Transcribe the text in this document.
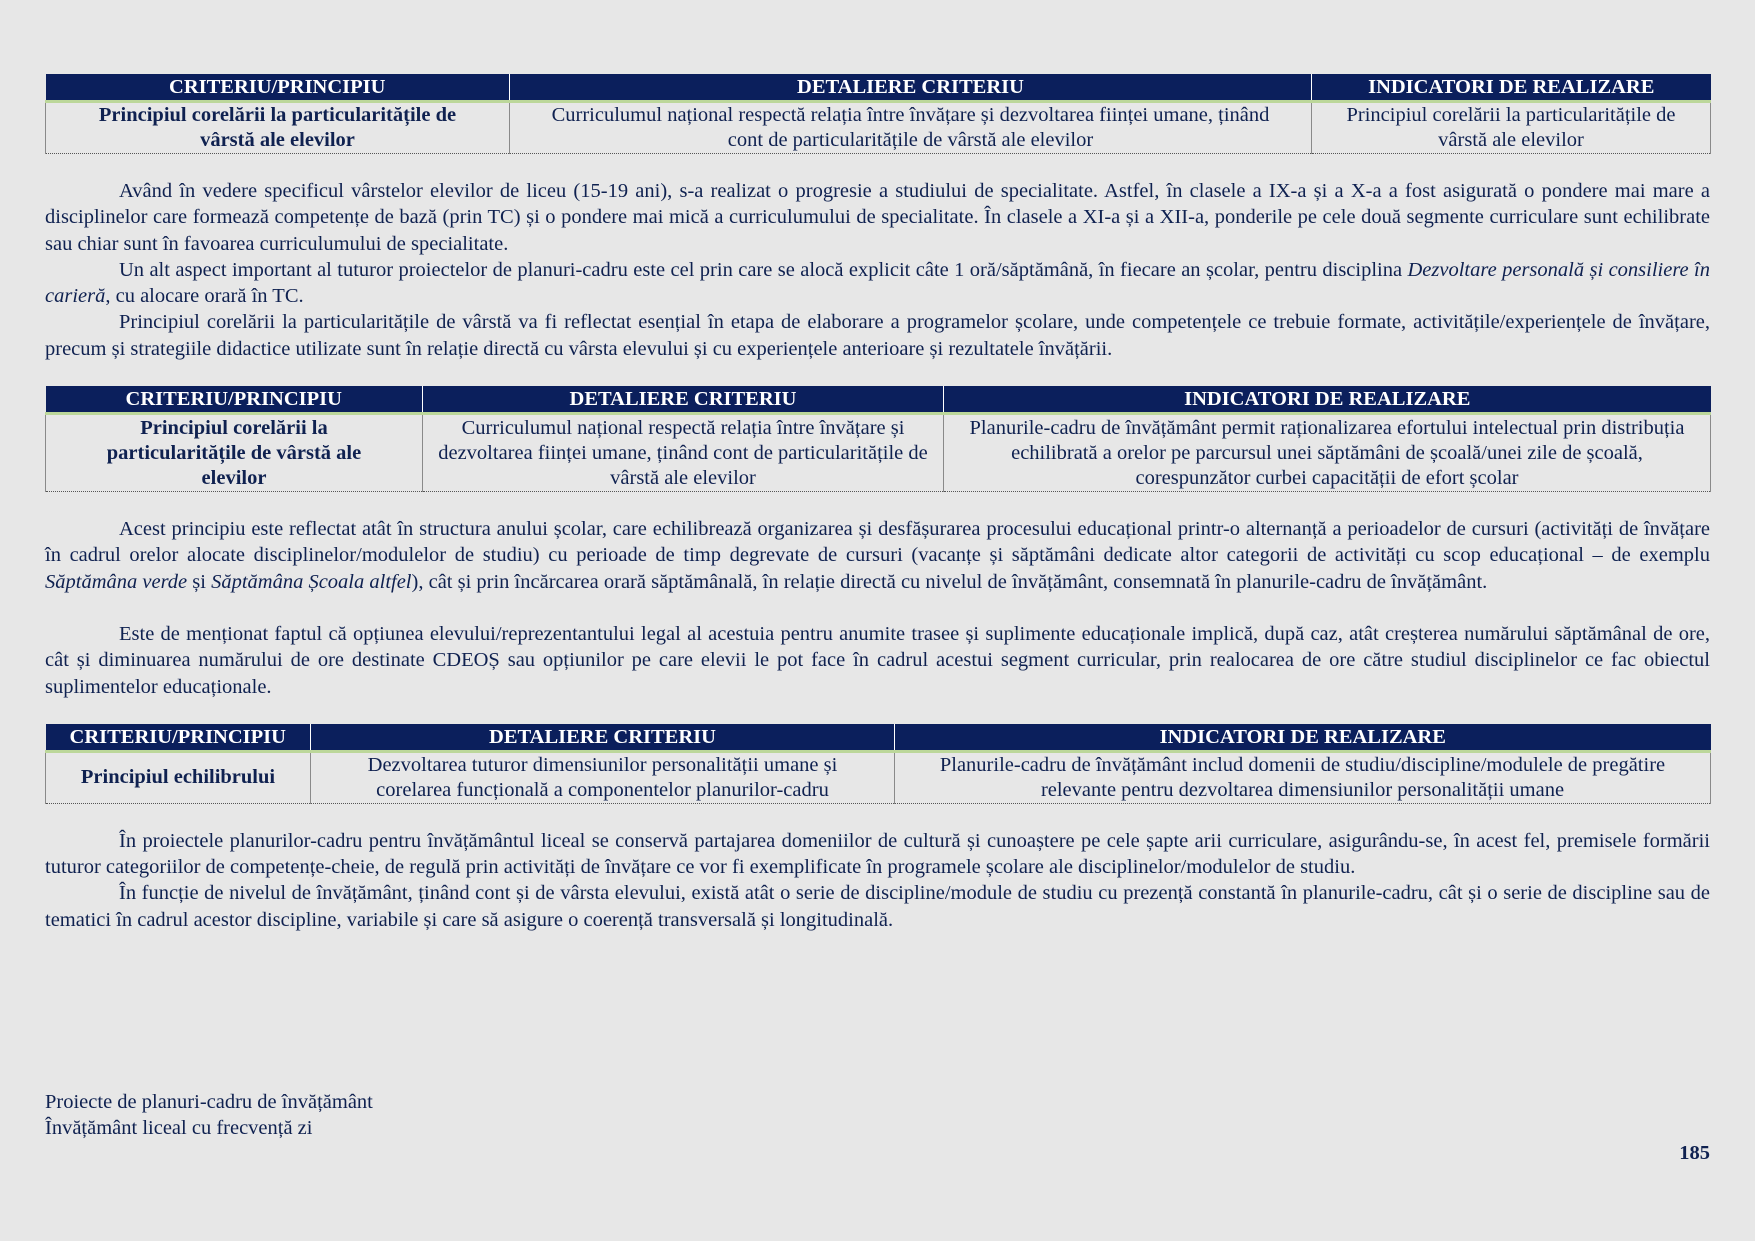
CRITERIU/PRINCIPIU	DETALIERE CRITERIU	INDICATORI DE REALIZARE
Principiul corelării la particularitățile de vârstă ale elevilor	Curriculumul național respectă relația între învățare și dezvoltarea ființei umane, ținând cont de particularitățile de vârstă ale elevilor	Principiul corelării la particularitățile de vârstă ale elevilor

Având în vedere specificul vârstelor elevilor de liceu (15-19 ani), s-a realizat o progresie a studiului de specialitate. Astfel, în clasele a IX-a și a X-a a fost asigurată o pondere mai mare a disciplinelor care formează competențe de bază (prin TC) și o pondere mai mică a curriculumului de specialitate. În clasele a XI-a și a XII-a, ponderile pe cele două segmente curriculare sunt echilibrate sau chiar sunt în favoarea curriculumului de specialitate.

Un alt aspect important al tuturor proiectelor de planuri-cadru este cel prin care se alocă explicit câte 1 oră/săptămână, în fiecare an școlar, pentru disciplina Dezvoltare personală și consiliere în carieră, cu alocare orară în TC.

Principiul corelării la particularitățile de vârstă va fi reflectat esențial în etapa de elaborare a programelor școlare, unde competențele ce trebuie formate, activitățile/experiențele de învățare, precum și strategiile didactice utilizate sunt în relație directă cu vârsta elevului și cu experiențele anterioare și rezultatele învățării.

CRITERIU/PRINCIPIU	DETALIERE CRITERIU	INDICATORI DE REALIZARE
Principiul corelării la particularitățile de vârstă ale elevilor	Curriculumul național respectă relația între învățare și dezvoltarea ființei umane, ținând cont de particularitățile de vârstă ale elevilor	Planurile-cadru de învățământ permit raționalizarea efortului intelectual prin distribuția echilibrată a orelor pe parcursul unei săptămâni de școală/unei zile de școală, corespunzător curbei capacității de efort școlar

Acest principiu este reflectat atât în structura anului școlar, care echilibrează organizarea și desfășurarea procesului educațional printr-o alternanță a perioadelor de cursuri (activități de învățare în cadrul orelor alocate disciplinelor/modulelor de studiu) cu perioade de timp degrevate de cursuri (vacanțe și săptămâni dedicate altor categorii de activități cu scop educațional – de exemplu Săptămâna verde și Săptămâna Școala altfel), cât și prin încărcarea orară săptămânală, în relație directă cu nivelul de învățământ, consemnată în planurile-cadru de învățământ.

Este de menționat faptul că opțiunea elevului/reprezentantului legal al acestuia pentru anumite trasee și suplimente educaționale implică, după caz, atât creșterea numărului săptămânal de ore, cât și diminuarea numărului de ore destinate CDEOȘ sau opțiunilor pe care elevii le pot face în cadrul acestui segment curricular, prin realocarea de ore către studiul disciplinelor ce fac obiectul suplimentelor educaționale.

CRITERIU/PRINCIPIU	DETALIERE CRITERIU	INDICATORI DE REALIZARE
Principiul echilibrului	Dezvoltarea tuturor dimensiunilor personalității umane și corelarea funcțională a componentelor planurilor-cadru	Planurile-cadru de învățământ includ domenii de studiu/discipline/modulele de pregătire relevante pentru dezvoltarea dimensiunilor personalității umane

În proiectele planurilor-cadru pentru învățământul liceal se conservă partajarea domeniilor de cultură și cunoaștere pe cele șapte arii curriculare, asigurându-se, în acest fel, premisele formării tuturor categoriilor de competențe-cheie, de regulă prin activități de învățare ce vor fi exemplificate în programele școlare ale disciplinelor/modulelor de studiu.

În funcție de nivelul de învățământ, ținând cont și de vârsta elevului, există atât o serie de discipline/module de studiu cu prezență constantă în planurile-cadru, cât și o serie de discipline sau de tematici în cadrul acestor discipline, variabile și care să asigure o coerență transversală și longitudinală.

Proiecte de planuri-cadru de învățământ
Învățământ liceal cu frecvență zi
185
